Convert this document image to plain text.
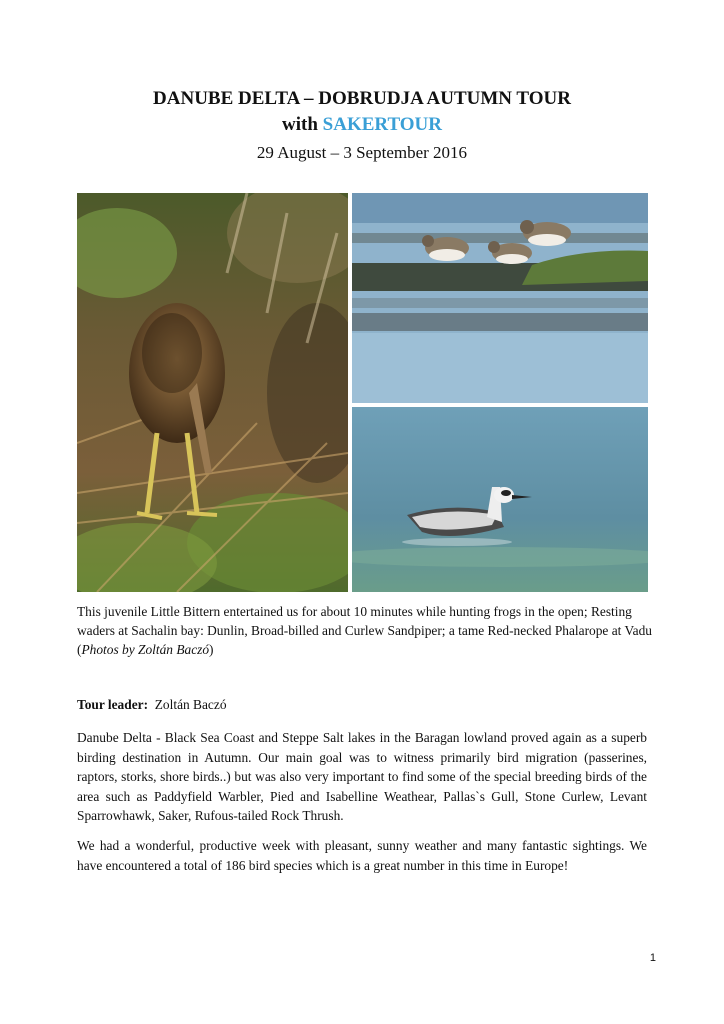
DANUBE DELTA – DOBRUDJA AUTUMN TOUR
with SAKERTOUR
29 August – 3 September 2016
This juvenile Little Bittern entertained us for about 10 minutes while hunting frogs in the open; Resting waders at Sachalin bay: Dunlin, Broad-billed and Curlew Sandpiper; a tame Red-necked Phalarope at Vadu (Photos by Zoltán Baczó)
Tour leader: Zoltán Baczó
Danube Delta - Black Sea Coast and Steppe Salt lakes in the Baragan lowland proved again as a superb birding destination in Autumn. Our main goal was to witness primarily bird migration (passerines, raptors, storks, shore birds..) but was also very important to find some of the special breeding birds of the area such as Paddyfield Warbler, Pied and Isabelline Weathear, Pallas`s Gull, Stone Curlew, Levant Sparrowhawk, Saker, Rufous-tailed Rock Thrush.
We had a wonderful, productive week with pleasant, sunny weather and many fantastic sightings. We have encountered a total of 186 bird species which is a great number in this time in Europe!
1
